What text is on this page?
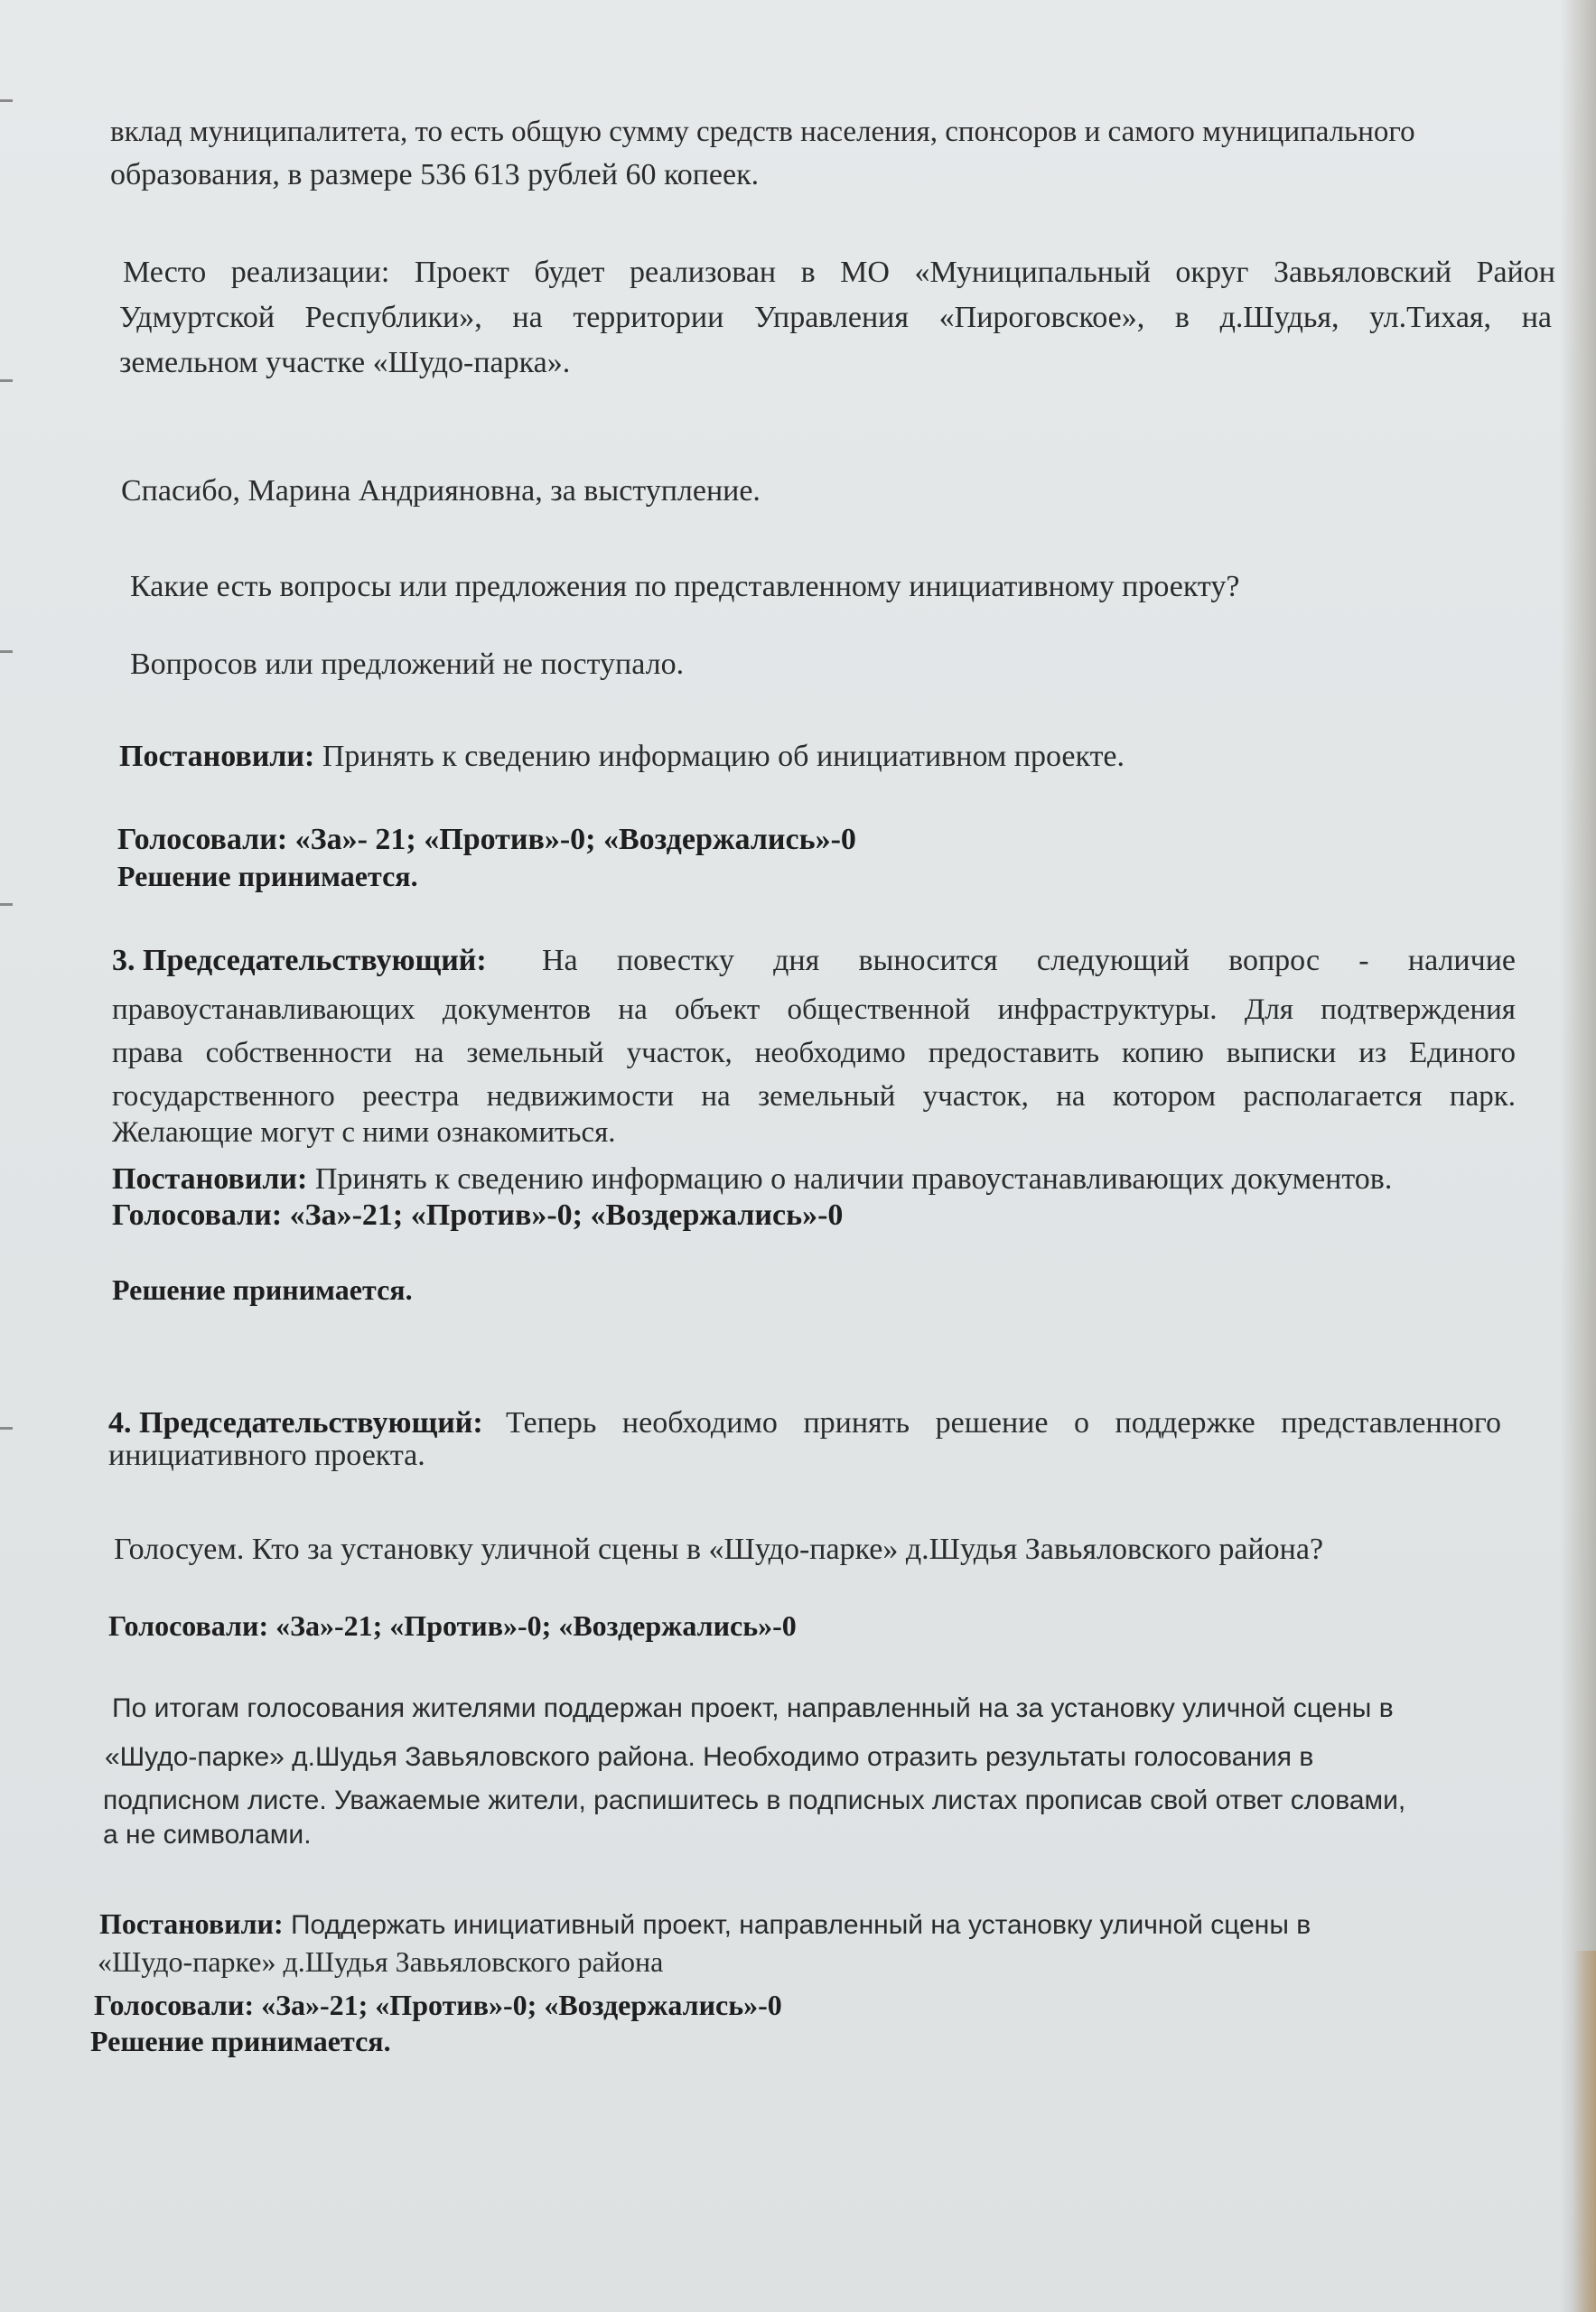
вклад муниципалитета, то есть общую сумму средств населения, спонсоров и самого муниципального

образования, в размере 536 613 рублей 60 копеек.

Место реализации: Проект будет реализован в МО «Муниципальный округ Завьяловский Район

Удмуртской Республики», на территории Управления «Пироговское», в д.Шудья, ул.Тихая, на

земельном участке «Шудо-парка».

Спасибо, Марина Андрияновна, за выступление.

Какие есть вопросы или предложения по представленному инициативному проекту?

Вопросов или предложений не поступало.

Постановили: Принять к сведению информацию об инициативном проекте.

Голосовали: «За»- 21; «Против»-0; «Воздержались»-0

Решение принимается.

3. Председательствующий: На повестку дня выносится следующий вопрос - наличие

правоустанавливающих документов на объект общественной инфраструктуры. Для подтверждения

права собственности на земельный участок, необходимо предоставить копию выписки из Единого

государственного реестра недвижимости на земельный участок, на котором располагается парк.

Желающие могут с ними ознакомиться.

Постановили: Принять к сведению информацию о наличии правоустанавливающих документов.

Голосовали: «За»-21; «Против»-0; «Воздержались»-0

Решение принимается.

4. Председательствующий: Теперь необходимо принять решение о поддержке представленного

инициативного проекта.

Голосуем. Кто за установку уличной сцены в «Шудо-парке» д.Шудья Завьяловского района?

Голосовали: «За»-21; «Против»-0; «Воздержались»-0

По итогам голосования жителями поддержан проект, направленный на за установку уличной сцены в

«Шудо-парке» д.Шудья Завьяловского района. Необходимо отразить результаты голосования в

подписном листе. Уважаемые жители, распишитесь в подписных листах прописав свой ответ словами,

а не символами.

Постановили: Поддержать инициативный проект, направленный на установку уличной сцены в

«Шудо-парке» д.Шудья Завьяловского района

Голосовали: «За»-21; «Против»-0; «Воздержались»-0

Решение принимается.
